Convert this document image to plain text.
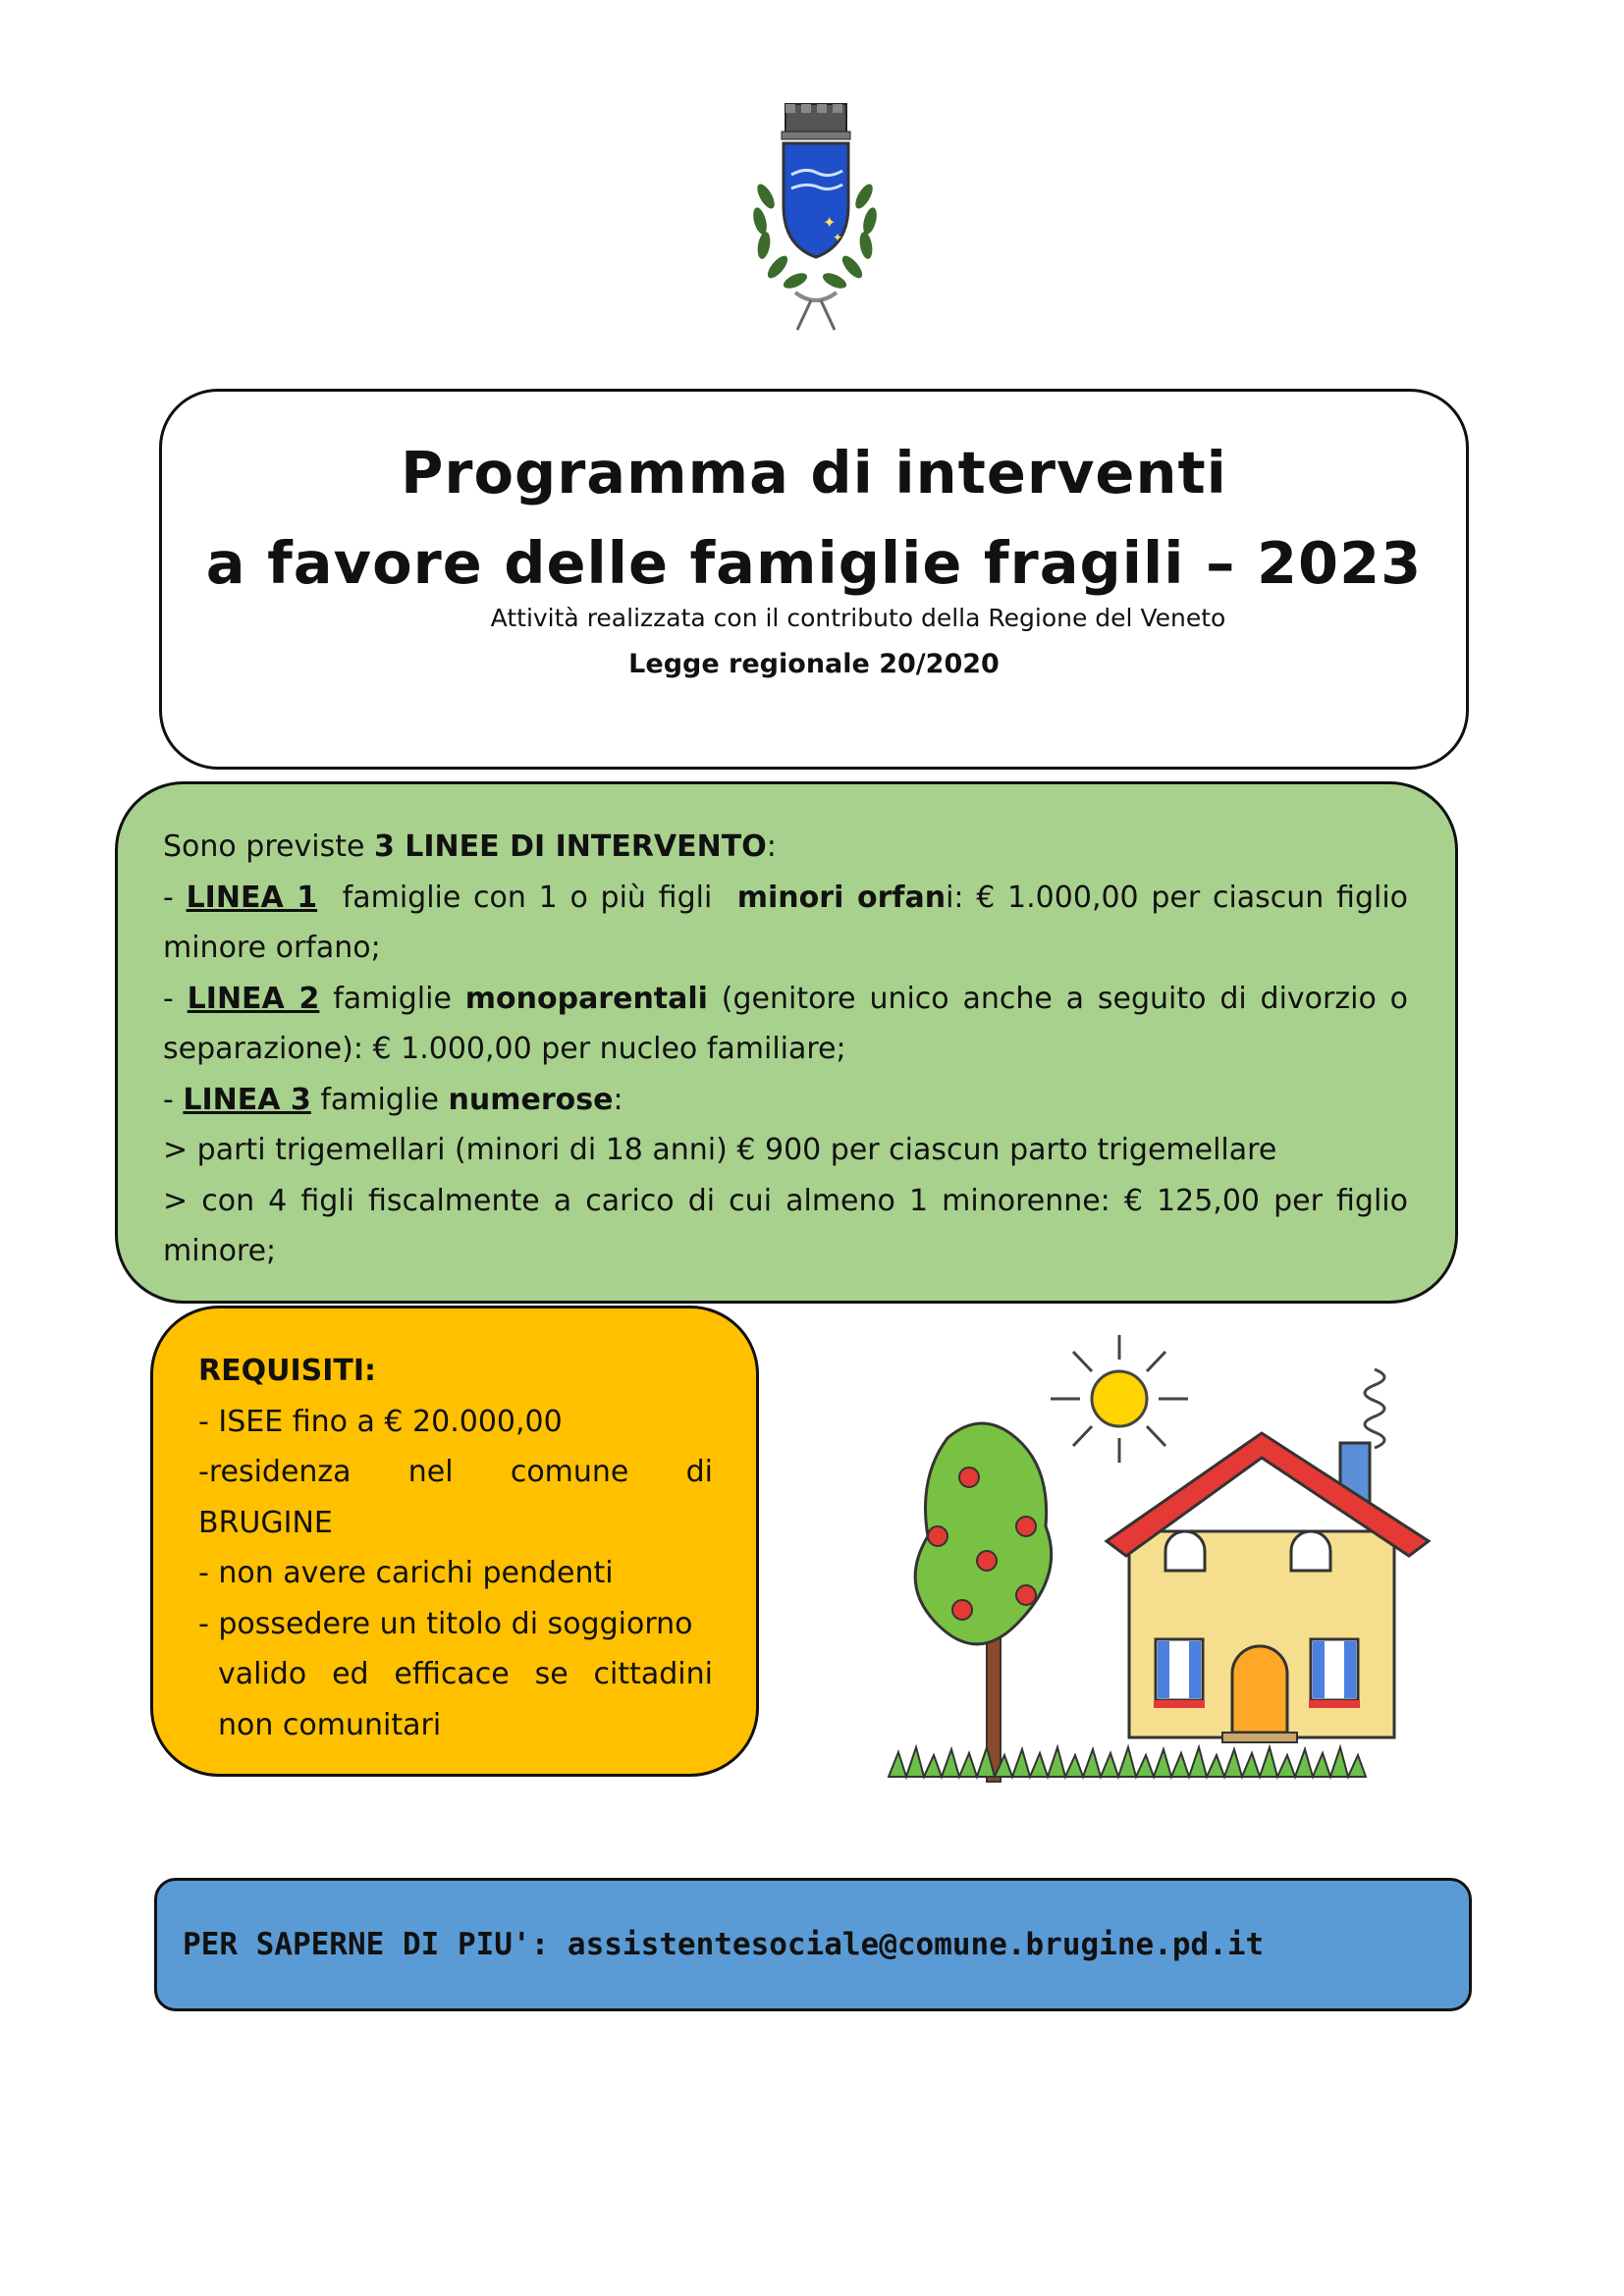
✦
✦
Programma di interventi
a favore delle famiglie fragili – 2023
Attività realizzata con il contributo della Regione del Veneto
Legge regionale 20/2020

Sono previste 3 LINEE DI INTERVENTO:

- LINEA 1  famiglie con 1 o più figli  minori orfani: € 1.000,00 per ciascun figlio minore orfano;

- LINEA 2 famiglie monoparentali (genitore unico anche a seguito di divorzio o separazione): € 1.000,00 per nucleo familiare;

- LINEA 3 famiglie numerose:

> parti trigemellari (minori di 18 anni) € 900 per ciascun parto trigemellare

> con 4 figli fiscalmente a carico di cui almeno 1 minorenne: € 125,00 per figlio minore;

REQUISITI:

- ISEE fino a € 20.000,00

-residenza nel comune di

BRUGINE

- non avere carichi pendenti

- possedere un titolo di soggiorno

valido ed efficace se cittadini

non comunitari

PER SAPERNE DI PIU': assistentesociale@comune.brugine.pd.it
